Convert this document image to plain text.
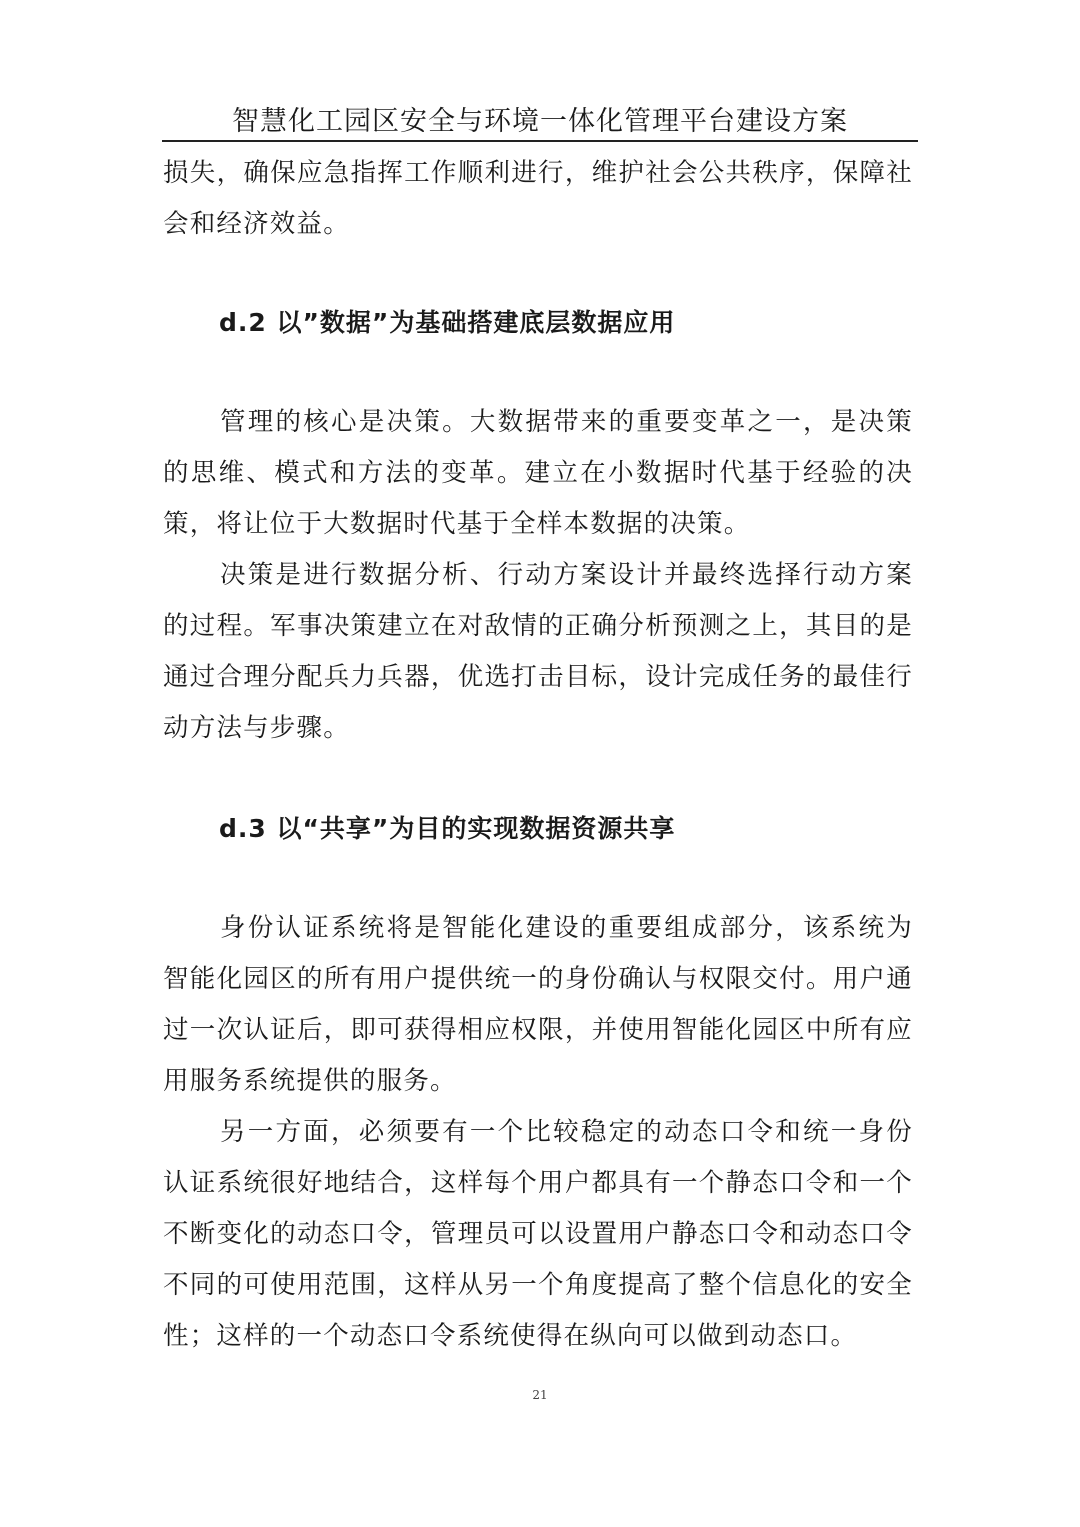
智慧化工园区安全与环境一体化管理平台建设方案

损失，确保应急指挥工作顺利进行，维护社会公共秩序，保障社会和经济效益。

d.2 以”数据”为基础搭建底层数据应用

管理的核心是决策。大数据带来的重要变革之一，是决策的思维、模式和方法的变革。建立在小数据时代基于经验的决策，将让位于大数据时代基于全样本数据的决策。

决策是进行数据分析、行动方案设计并最终选择行动方案的过程。军事决策建立在对敌情的正确分析预测之上，其目的是通过合理分配兵力兵器，优选打击目标，设计完成任务的最佳行动方法与步骤。

d.3 以“共享”为目的实现数据资源共享

身份认证系统将是智能化建设的重要组成部分，该系统为智能化园区的所有用户提供统一的身份确认与权限交付。用户通过一次认证后，即可获得相应权限，并使用智能化园区中所有应用服务系统提供的服务。

另一方面，必须要有一个比较稳定的动态口令和统一身份认证系统很好地结合，这样每个用户都具有一个静态口令和一个不断变化的动态口令，管理员可以设置用户静态口令和动态口令不同的可使用范围，这样从另一个角度提高了整个信息化的安全性；这样的一个动态口令系统使得在纵向可以做到动态口。

21
